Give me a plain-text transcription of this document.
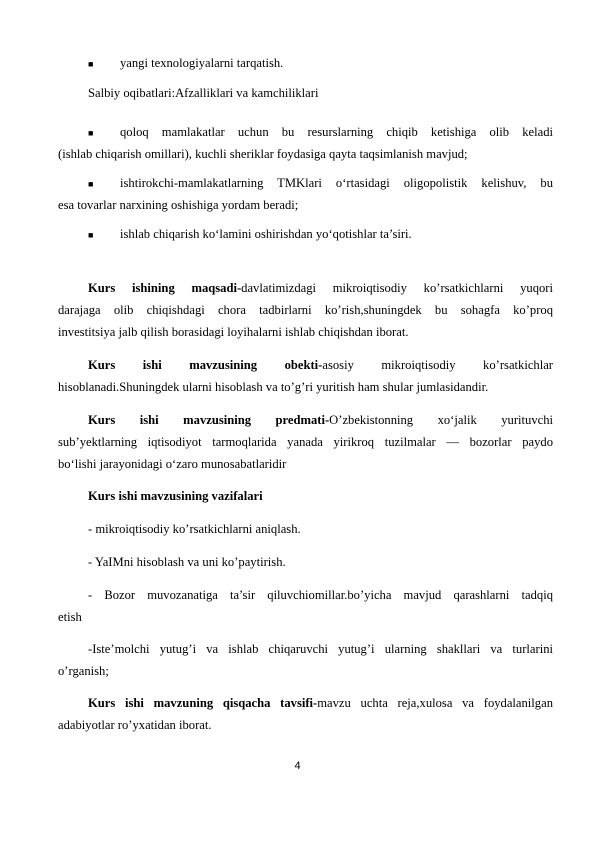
■ yangi texnologiyalarni tarqatish.
Salbiy oqibatlari:Afzalliklari va kamchiliklari
■ qoloq mamlakatlar uchun bu resurslarning chiqib ketishiga olib keladi
(ishlab chiqarish omillari), kuchli sheriklar foydasiga qayta taqsimlanish mavjud;
■ ishtirokchi-mamlakatlarning TMKlari o‘rtasidagi oligopolistik kelishuv, bu
esa tovarlar narxining oshishiga yordam beradi;
■ ishlab chiqarish ko‘lamini oshirishdan yo‘qotishlar ta’siri.
Kurs ishining maqsadi-davlatimizdagi mikroiqtisodiy ko’rsatkichlarni yuqori
darajaga olib chiqishdagi chora tadbirlarni ko’rish,shuningdek bu sohagfa ko’proq
investitsiya jalb qilish borasidagi loyihalarni ishlab chiqishdan iborat.
Kurs ishi mavzusining obekti-asosiy mikroiqtisodiy ko’rsatkichlar
hisoblanadi.Shuningdek ularni hisoblash va to’g’ri yuritish ham shular jumlasidandir.
Kurs ishi mavzusining predmati-O’zbekistonning xo‘jalik yurituvchi
sub’yektlarning iqtisodiyot tarmoqlarida yanada yirikroq tuzilmalar — bozorlar paydo
bo‘lishi jarayonidagi o‘zaro munosabatlaridir
Kurs ishi mavzusining vazifalari
- mikroiqtisodiy ko’rsatkichlarni aniqlash.
- YaIMni hisoblash va uni ko’paytirish.
- Bozor muvozanatiga ta’sir qiluvchiomillar.bo’yicha mavjud qarashlarni tadqiq
etish
-Iste’molchi yutug’i va ishlab chiqaruvchi yutug’i ularning shakllari va turlarini
o’rganish;
Kurs ishi mavzuning qisqacha tavsifi-mavzu uchta reja,xulosa va foydalanilgan
adabiyotlar ro’yxatidan iborat.
4
